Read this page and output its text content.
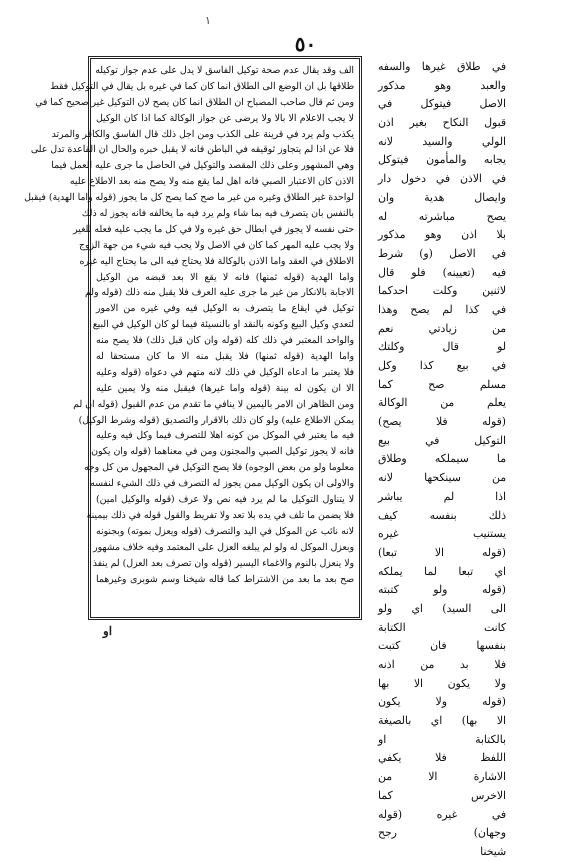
١
٥٠
الف وقد يقال عدم صحة توكيل الفاسق لا يدل على عدم جواز توكيله
طلاقها بل ان الوضع الى الطلاق انما كان كما في غيره بل يقال في التوكيل فقط
ومن ثم قال صاحب المصباح ان الطلاق انما كان يصح لان التوكيل غير صحيح كما في
لا يجب الاعلام الا بالا ولا يرضى عن جواز الوكالة كما اذا كان الوكيل
يكذب ولم يرد في قرينة على الكذب ومن اجل ذلك قال الفاسق والكافر والمرتد
فلا عن اذا لم يتجاوز ثوقيقه في الباطن فانه لا يقبل خبره والحال ان القاعدة تدل على
وهي المشهور وعلى ذلك المقصد والتوكيل في الحاصل ما جرى عليه العمل فيما
الاذن كان الاعتبار الصبي فانه اهل لما يقع منه ولا يصح منه بعد الاطلاع عليه
لواحدة غير الطلاق وغيره من غير ما صح كما يصح كل ما يجوز (قوله واما الهدية) فيقبل
بالنفس بان يتصرف فيه بما شاء ولم يرد فيه ما يخالفه فانه يجوز له ذلك
حتى نفسه لا يجوز في ابطال حق غيره ولا في كل ما يجب عليه فعله للغير
ولا يجب عليه المهر كما كان في الاصل ولا يجب فيه شيء من جهة الزوج
الاطلاق في العقد واما الاذن بالوكالة فلا يحتاج فيه الى ما يحتاج اليه غيره
واما الهدية (قوله ثمنها) فانه لا يقع الا بعد قبضه من الوكيل
الاجابة بالانكار من غير ما جرى عليه العرف فلا يقبل منه ذلك (قوله ولم
توكيل في ايقاع ما يتصرف به الوكيل فيه وفي غيره من الامور
لتعدي وكيل البيع وكونه بالنقد او بالنسيئة فيما لو كان الوكيل في البيع
والواحد المعتبر في ذلك كله (قوله وان كان قبل ذلك) فلا يصح منه
واما الهدية (قوله ثمنها) فلا يقبل منه الا ما كان مستحقا له
فلا يعتبر ما ادعاه الوكيل في ذلك لانه متهم في دعواه (قوله وعليه
الا ان يكون له بينة (قوله واما غيرها) فيقبل منه ولا يمين عليه
ومن الظاهر ان الامر باليمين لا ينافي ما تقدم من عدم القبول (قوله ان لم
يمكن الاطلاع عليه) ولو كان ذلك بالاقرار والتصديق (قوله وشرط الوكيل)
فيه ما يعتبر في الموكل من كونه اهلا للتصرف فيما وكل فيه وعليه
فانه لا يجوز توكيل الصبي والمجنون ومن في معناهما (قوله وان يكون
معلوما ولو من بعض الوجوه) فلا يصح التوكيل في المجهول من كل وجه
والاولى ان يكون الوكيل ممن يجوز له التصرف في ذلك الشيء لنفسه
لا يتناول التوكيل ما لم يرد فيه نص ولا عرف (قوله والوكيل امين)
فلا يضمن ما تلف في يده بلا تعد ولا تفريط والقول قوله في ذلك بيمينه
لانه نائب عن الموكل في اليد والتصرف (قوله ويعزل بموته) وبجنونه
وبعزل الموكل له ولو لم يبلغه العزل على المعتمد وفيه خلاف مشهور
ولا ينعزل بالنوم والاغماء اليسير (قوله وان تصرف بعد العزل) لم ينفذ
صح بعد ما بعد من الاشتراط كما قاله شيخنا وسم شوبرى وغيرهما
في طلاق غيرها والسفه
والعبد وهو مذكور
الاصل فيتوكل في
قبول النكاح بغير اذن
الولي والسيد لانه
يجابه والمأمون فيتوكل
في الاذن في دخول دار
وايصال هدية وان
يصح مباشرته له
بلا اذن وهو مذكور
في الاصل (و) شرط
فيه (تعيينه) فلو قال
لاثنين وكلت احدكما
في كذا لم يصح وهذا
من زيادتي نعم
لو قال وكلتك
في بيع كذا وكل
مسلم صح كما
يعلم من الوكالة
(قوله فلا يصح)
التوكيل في بيع
ما سيملكه وطلاق
من سينكحها لانه
اذا لم يباشر
ذلك بنفسه كيف
يستنيب غيره
(قوله الا تبعا)
اي تبعا لما يملكه
(قوله ولو كتبته
الى السيد) اي ولو
كانت الكتابة
بنفسها فان كتبت
فلا بد من اذنه
ولا يكون الا بها
(قوله ولا يكون
الا بها) اي بالصيغة
بالكتابة او
اللفظ فلا يكفي
الاشارة الا من
الاخرس كما
في غيره (قوله
وجهان) رجح
شيخنا
او
